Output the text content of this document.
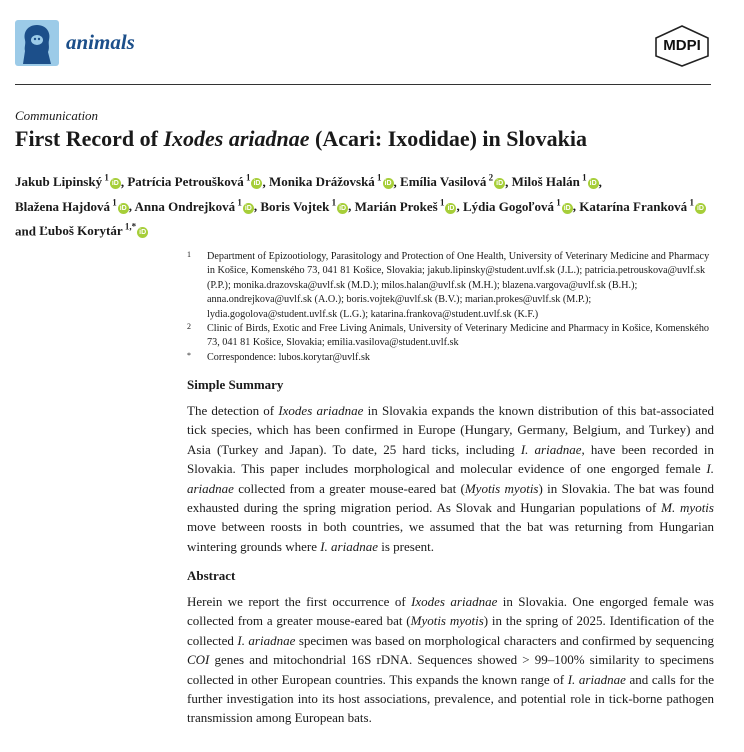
animals	MDPI
Communication
First Record of Ixodes ariadnae (Acari: Ixodidae) in Slovakia
Jakub Lipinský $^1$iD , Patrícia Petroušková $^1$iD , Monika Drážovská $^1$iD , Emília Vasilová $^2$iD , Miloš Halán $^1$iD , Blažena Hajdová $^1$iD , Anna Ondrejková $^1$iD , Boris Vojtek $^1$iD , Marián Prokeš $^1$iD , Lýdia Gogoľová $^1$iD , Katarína Franková $^1$iD and Ľuboš Korytár $^{1,*}$iD
1 Department of Epizootiology, Parasitology and Protection of One Health, University of Veterinary Medicine and Pharmacy in Košice, Komenského 73, 041 81 Košice, Slovakia; jakub.lipinsky@student.uvlf.sk (J.L.); patricia.petrouskova@uvlf.sk (P.P.); monika.drazovska@uvlf.sk (M.D.); milos.halan@uvlf.sk (M.H.); blazena.vargova@uvlf.sk (B.H.); anna.ondrejkova@uvlf.sk (A.O.); boris.vojtek@uvlf.sk (B.V.); marian.prokes@uvlf.sk (M.P.); lydia.gogolova@student.uvlf.sk (L.G.); katarina.frankova@student.uvlf.sk (K.F.)
2 Clinic of Birds, Exotic and Free Living Animals, University of Veterinary Medicine and Pharmacy in Košice, Komenského 73, 041 81 Košice, Slovakia; emilia.vasilova@student.uvlf.sk
* Correspondence: lubos.korytar@uvlf.sk
Simple Summary

The detection of Ixodes ariadnae in Slovakia expands the known distribution of this bat-associated tick species, which has been confirmed in Europe (Hungary, Germany, Belgium, and Turkey) and Asia (Turkey and Japan). To date, 25 hard ticks, including I. ariadnae, have been recorded in Slovakia. This paper includes morphological and molecular evidence of one engorged female I. ariadnae collected from a greater mouse-eared bat (Myotis myotis) in Slovakia. The bat was found exhausted during the spring migration period. As Slovak and Hungarian populations of M. myotis move between roosts in both countries, we assumed that the bat was returning from Hungarian wintering grounds where I. ariadnae is present.

Abstract

Herein we report the first occurrence of Ixodes ariadnae in Slovakia. One engorged female was collected from a greater mouse-eared bat (Myotis myotis) in the spring of 2025. Identification of the collected I. ariadnae specimen was based on morphological characters and confirmed by sequencing COI genes and mitochondrial 16S rDNA. Sequences showed > 99–100% similarity to specimens collected in other European countries. This expands the known range of I. ariadnae and calls for the further investigation into its host associations, prevalence, and potential role in tick-borne pathogen transmission among European bats.
